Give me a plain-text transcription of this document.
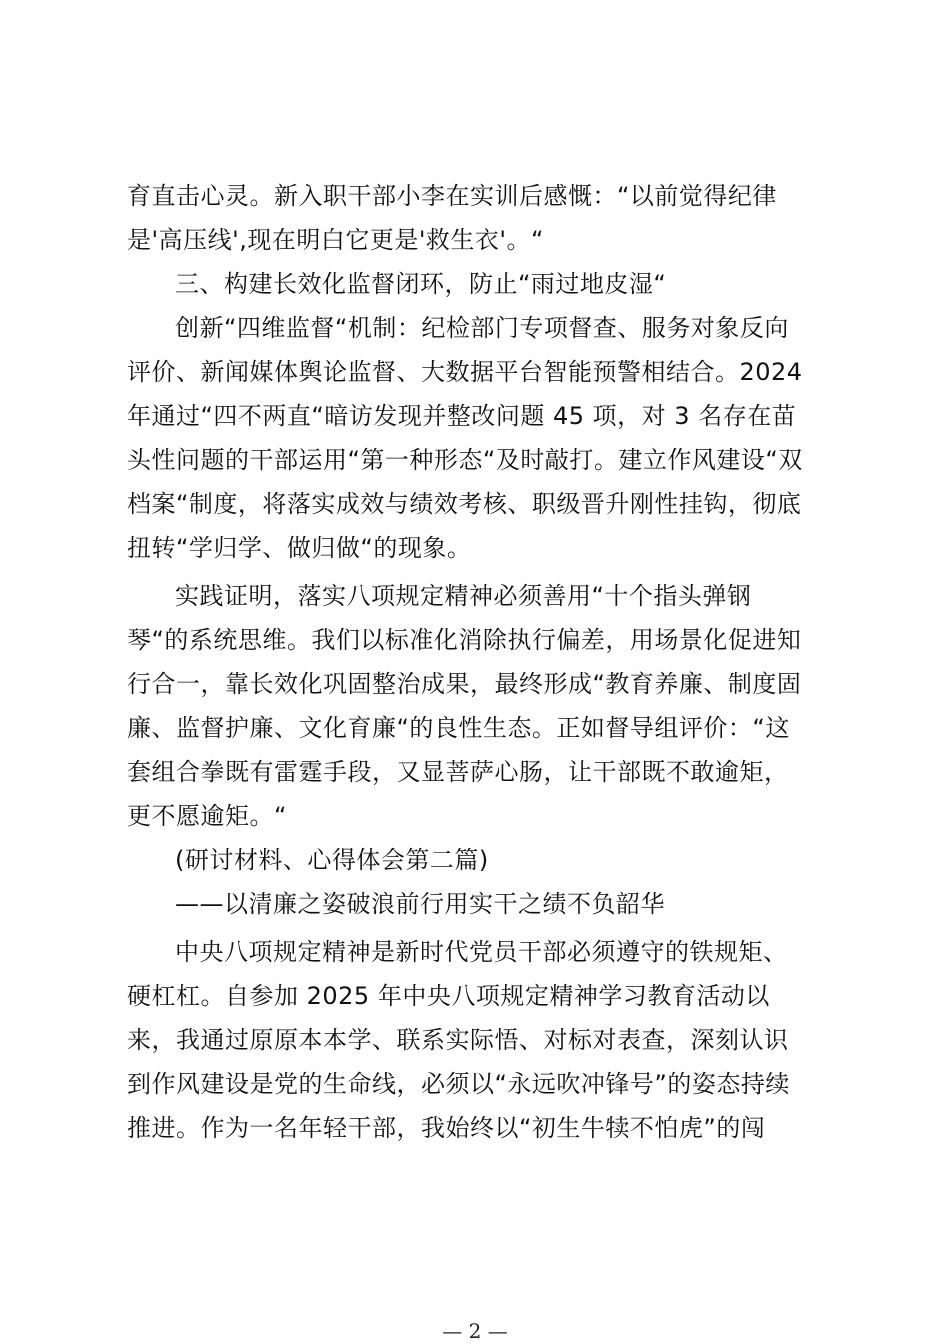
育直击心灵。新入职干部小李在实训后感慨：“以前觉得纪律
是'高压线',现在明白它更是'救生衣'。“
三、构建长效化监督闭环，防止“雨过地皮湿“
创新“四维监督“机制：纪检部门专项督查、服务对象反向
评价、新闻媒体舆论监督、大数据平台智能预警相结合。2024
年通过“四不两直“暗访发现并整改问题 45 项，对 3 名存在苗
头性问题的干部运用“第一种形态“及时敲打。建立作风建设“双
档案“制度，将落实成效与绩效考核、职级晋升刚性挂钩，彻底
扭转“学归学、做归做“的现象。
实践证明，落实八项规定精神必须善用“十个指头弹钢
琴“的系统思维。我们以标准化消除执行偏差，用场景化促进知
行合一，靠长效化巩固整治成果，最终形成“教育养廉、制度固
廉、监督护廉、文化育廉“的良性生态。正如督导组评价：“这
套组合拳既有雷霆手段，又显菩萨心肠，让干部既不敢逾矩，
更不愿逾矩。“
(研讨材料、心得体会第二篇)
——以清廉之姿破浪前行用实干之绩不负韶华
中央八项规定精神是新时代党员干部必须遵守的铁规矩、
硬杠杠。自参加 2025 年中央八项规定精神学习教育活动以
来，我通过原原本本学、联系实际悟、对标对表查，深刻认识
到作风建设是党的生命线，必须以“永远吹冲锋号”的姿态持续
推进。作为一名年轻干部，我始终以“初生牛犊不怕虎”的闯
— 2 —
